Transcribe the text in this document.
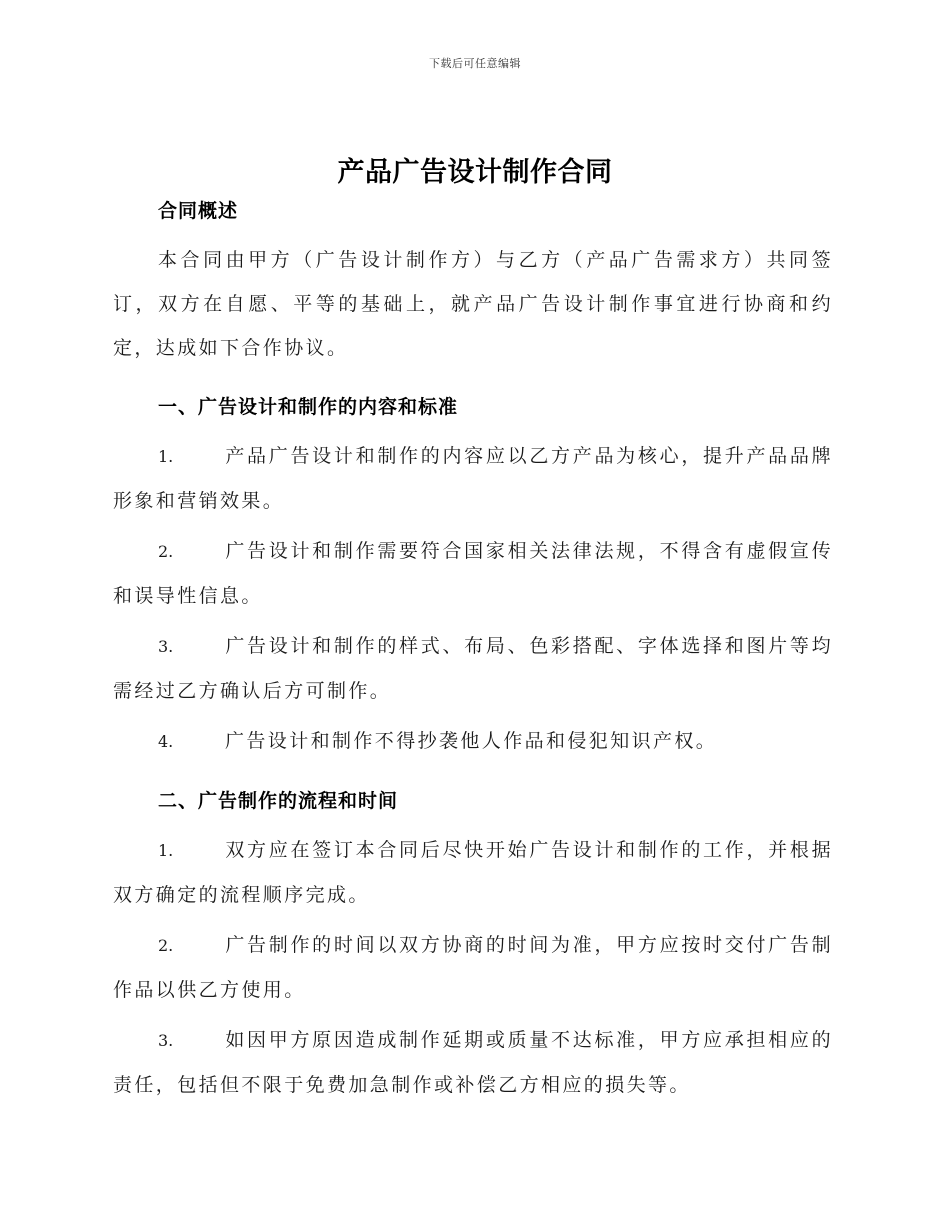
下载后可任意编辑
产品广告设计制作合同
合同概述

本合同由甲方（广告设计制作方）与乙方（产品广告需求方）共同签订，双方在自愿、平等的基础上，就产品广告设计制作事宜进行协商和约定，达成如下合作协议。

一、广告设计和制作的内容和标准

1.	产品广告设计和制作的内容应以乙方产品为核心，提升产品品牌形象和营销效果。

2.	广告设计和制作需要符合国家相关法律法规，不得含有虚假宣传和误导性信息。

3.	广告设计和制作的样式、布局、色彩搭配、字体选择和图片等均需经过乙方确认后方可制作。

4.	广告设计和制作不得抄袭他人作品和侵犯知识产权。

二、广告制作的流程和时间

1.	双方应在签订本合同后尽快开始广告设计和制作的工作，并根据双方确定的流程顺序完成。

2.	广告制作的时间以双方协商的时间为准，甲方应按时交付广告制作品以供乙方使用。

3.	如因甲方原因造成制作延期或质量不达标准，甲方应承担相应的责任，包括但不限于免费加急制作或补偿乙方相应的损失等。
